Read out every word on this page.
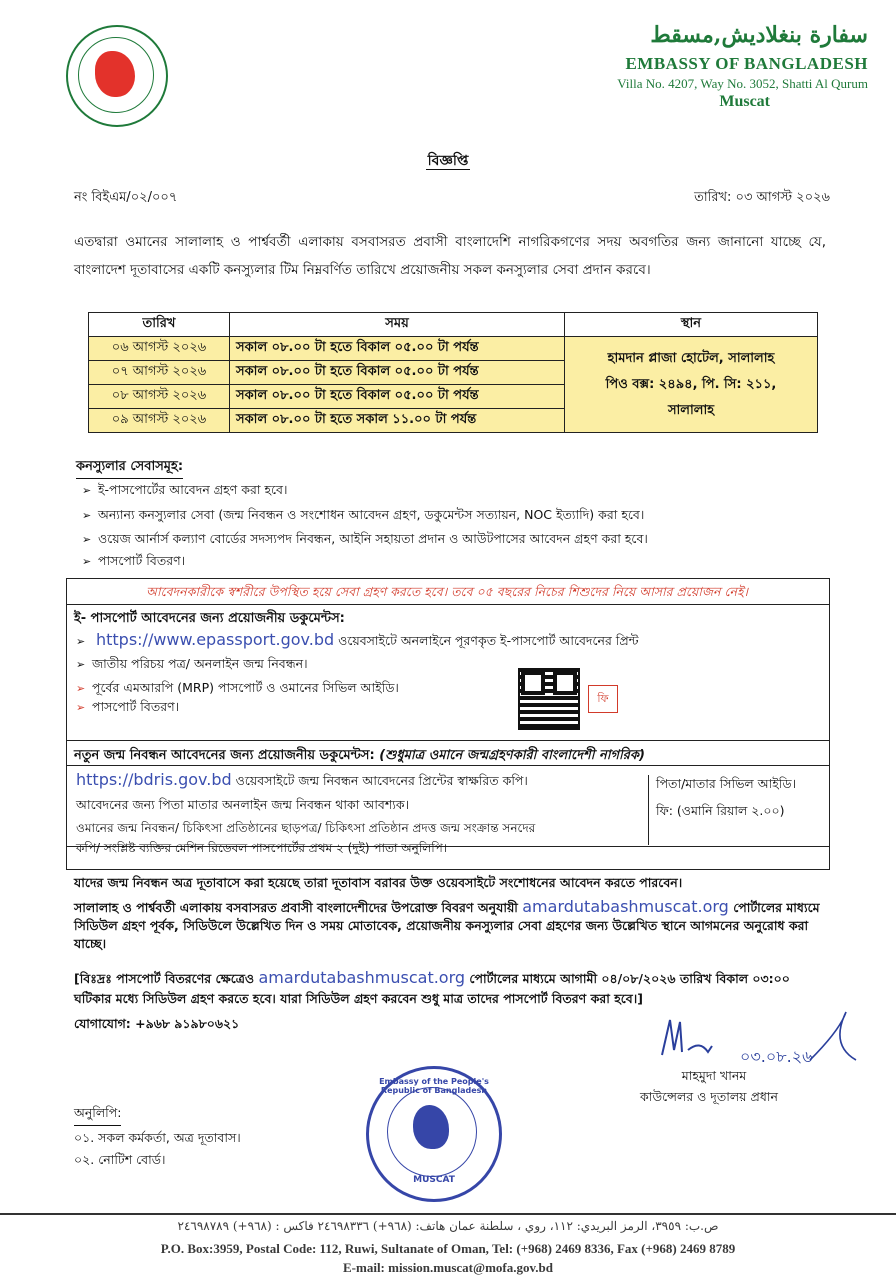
سفارة بنغلاديش,مسقط
EMBASSY OF BANGLADESH
Villa No. 4207, Way No. 3052, Shatti Al Qurum
Muscat
বিজ্ঞপ্তি
নং বিইএম/০২/০০৭	তারিখ: ০৩ আগস্ট ২০২৬
এতদ্বারা ওমানের সালালাহ ও পার্শ্ববর্তী এলাকায় বসবাসরত প্রবাসী বাংলাদেশি নাগরিকগণের সদয় অবগতির জন্য জানানো যাচ্ছে যে, বাংলাদেশ দূতাবাসের একটি কনস্যুলার টিম নিম্নবর্ণিত তারিখে প্রয়োজনীয় সকল কনস্যুলার সেবা প্রদান করবে।
তারিখ	সময়	স্থান
০৬ আগস্ট ২০২৬	সকাল ০৮.০০ টা হতে বিকাল ০৫.০০ টা পর্যন্ত	হামদান প্লাজা হোটেল, সালালাহ
পিও বক্স: ২৪৯৪, পি. সি: ২১১,
সালালাহ

০৭ আগস্ট ২০২৬	সকাল ০৮.০০ টা হতে বিকাল ০৫.০০ টা পর্যন্ত	
০৮ আগস্ট ২০২৬	সকাল ০৮.০০ টা হতে বিকাল ০৫.০০ টা পর্যন্ত	
০৯ আগস্ট ২০২৬	সকাল ০৮.০০ টা হতে সকাল ১১.০০ টা পর্যন্ত	
কনস্যুলার সেবাসমূহ:
➢ ই-পাসপোর্টের আবেদন গ্রহণ করা হবে।
➢ অন্যান্য কনস্যুলার সেবা (জন্ম নিবন্ধন ও সংশোধন আবেদন গ্রহণ, ডকুমেন্টস সত্যায়ন, NOC ইত্যাদি) করা হবে।
➢ ওয়েজ আর্নার্স কল্যাণ বোর্ডের সদস্যপদ নিবন্ধন, আইনি সহায়তা প্রদান ও আউটপাসের আবেদন গ্রহণ করা হবে।
➢ পাসপোর্ট বিতরণ।
আবেদনকারীকে স্বশরীরে উপস্থিত হয়ে সেবা গ্রহণ করতে হবে। তবে ০৫ বছরের নিচের শিশুদের নিয়ে আসার প্রয়োজন নেই।
ই- পাসপোর্ট আবেদনের জন্য প্রয়োজনীয় ডকুমেন্টস:
➢ https://www.epassport.gov.bd ওয়েবসাইটে অনলাইনে পূরণকৃত ই-পাসপোর্ট আবেদনের প্রিন্ট
➢ জাতীয় পরিচয় পত্র/ অনলাইন জন্ম নিবন্ধন।
➢ পূর্বের এমআরপি (MRP) পাসপোর্ট ও ওমানের সিভিল আইডি।
➢ পাসপোর্ট বিতরণ।
ফি
নতুন জন্ম নিবন্ধন আবেদনের জন্য প্রয়োজনীয় ডকুমেন্টস: (শুধুমাত্র ওমানে জন্মগ্রহণকারী বাংলাদেশী নাগরিক)
https://bdris.gov.bd ওয়েবসাইটে জন্ম নিবন্ধন আবেদনের প্রিন্টের স্বাক্ষরিত কপি।
আবেদনের জন্য পিতা মাতার অনলাইন জন্ম নিবন্ধন থাকা আবশ্যক।
ওমানের জন্ম নিবন্ধন/ চিকিৎসা প্রতিষ্ঠানের ছাড়পত্র/ চিকিৎসা প্রতিষ্ঠান প্রদত্ত জন্ম সংক্রান্ত সনদের
পিতা/মাতার সিভিল আইডি।
ফি: (ওমানি রিয়াল ২.০০)
যাদের জন্ম নিবন্ধন অত্র দূতাবাসে করা হয়েছে তারা দূতাবাস বরাবর উক্ত ওয়েবসাইটে সংশোধনের আবেদন করতে পারবেন।
সালালাহ ও পার্শ্ববর্তী এলাকায় বসবাসরত প্রবাসী বাংলাদেশীদের উপরোক্ত বিবরণ অনুযায়ী amardutabashmuscat.org পোর্টালের মাধ্যমে সিডিউল গ্রহণ পূর্বক, সিডিউলে উল্লেখিত দিন ও সময় মোতাবেক, প্রয়োজনীয় কনস্যুলার সেবা গ্রহণের জন্য উল্লেখিত স্থানে আগমনের অনুরোধ করা যাচ্ছে।
[বিঃদ্রঃ পাসপোর্ট বিতরণের ক্ষেত্রেও amardutabashmuscat.org পোর্টালের মাধ্যমে আগামী ০৪/০৮/২০২৬ তারিখ বিকাল ০৩:০০ ঘটিকার মধ্যে সিডিউল গ্রহণ করতে হবে। যারা সিডিউল গ্রহণ করবেন শুধু মাত্র তাদের পাসপোর্ট বিতরণ করা হবে।]
যোগাযোগ: +৯৬৮ ৯১৯৮০৬২১
০৩.০৮.২৬
মাহমুদা খানম
কাউন্সেলর ও দূতালয় প্রধান
অনুলিপি:
০১. সকল কর্মকর্তা, অত্র দূতাবাস।
০২. নোটিশ বোর্ড।
Embassy of the People's Republic of Bangladesh
MUSCAT
ص.ب: ٣٩٥٩، الرمز البريدي: ١١٢، روي ، سلطنة عمان هاتف: (٩٦٨+) ٢٤٦٩٨٣٣٦ فاكس : (٩٦٨+) ٢٤٦٩٨٧٨٩
P.O. Box:3959, Postal Code: 112, Ruwi, Sultanate of Oman, Tel: (+968) 2469 8336, Fax (+968) 2469 8789
E-mail: mission.muscat@mofa.gov.bd
কপি/ সংশ্লিষ্ট ব্যক্তির মেশিন রিডেবল পাসপোর্টের প্রথম ২ (দুই) পাতা অনুলিপি।
